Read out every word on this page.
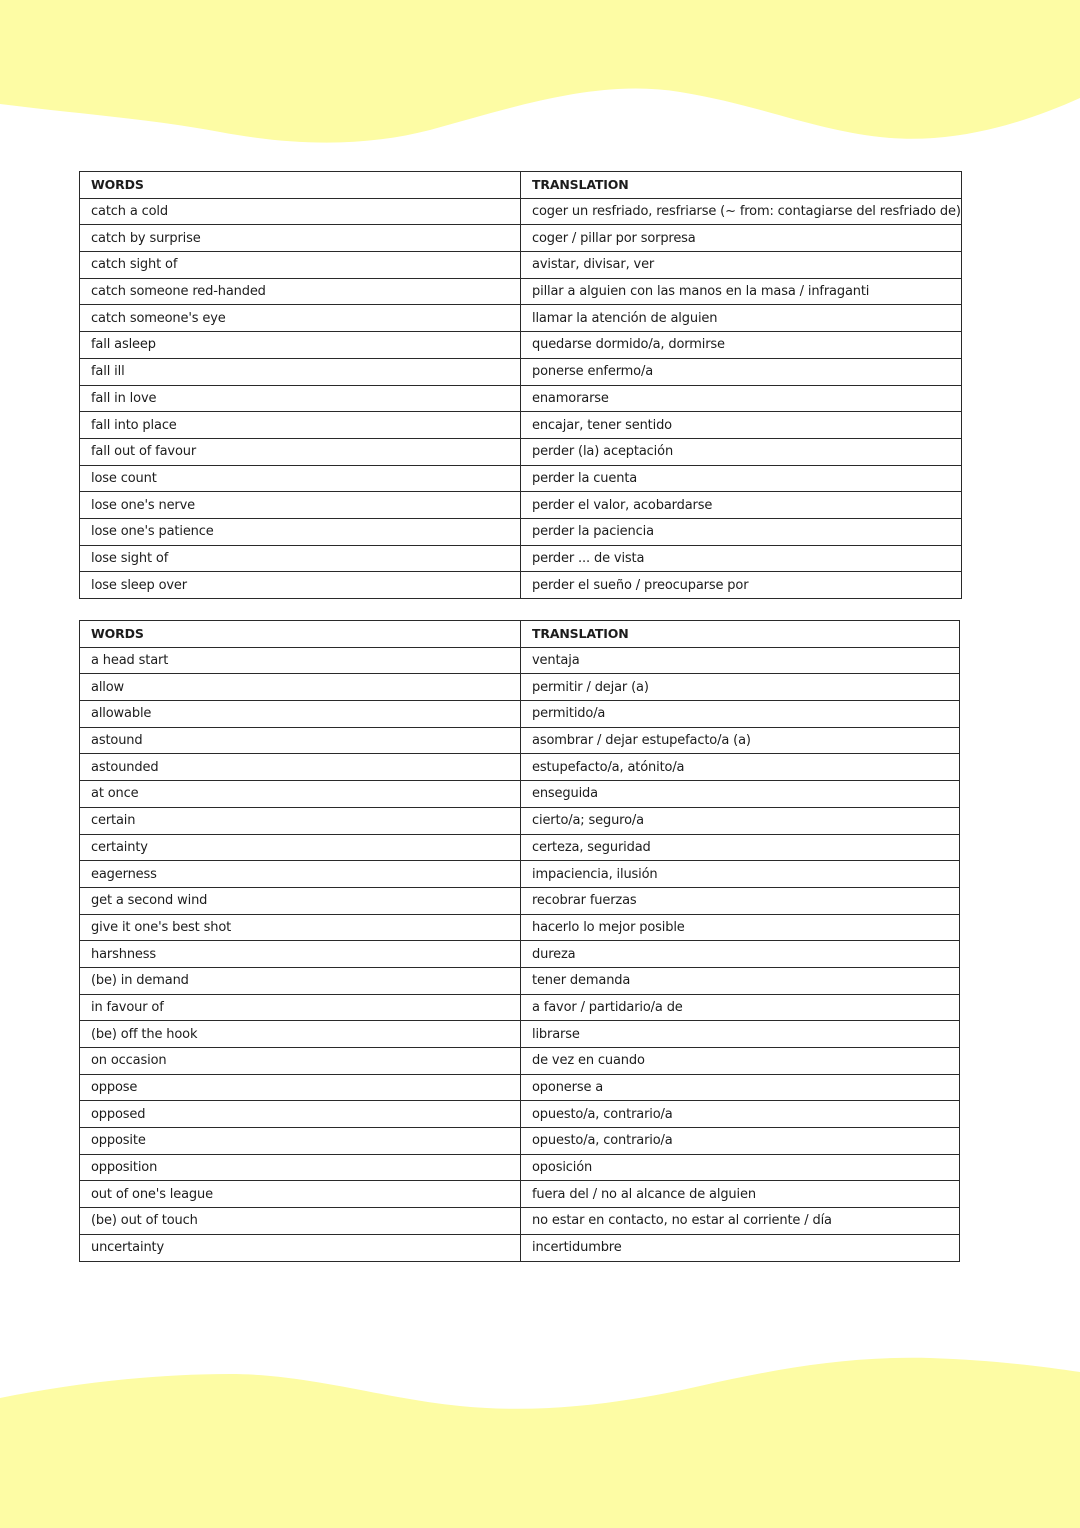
WORDS	TRANSLATION
catch a cold	coger un resfriado, resfriarse (~ from: contagiarse del resfriado de)
catch by surprise	coger / pillar por sorpresa
catch sight of	avistar, divisar, ver
catch someone red-handed	pillar a alguien con las manos en la masa / infraganti
catch someone's eye	llamar la atención de alguien
fall asleep	quedarse dormido/a, dormirse
fall ill	ponerse enfermo/a
fall in love	enamorarse
fall into place	encajar, tener sentido
fall out of favour	perder (la) aceptación
lose count	perder la cuenta
lose one's nerve	perder el valor, acobardarse
lose one's patience	perder la paciencia
lose sight of	perder ... de vista
lose sleep over	perder el sueño / preocuparse por
WORDS	TRANSLATION
a head start	ventaja
allow	permitir / dejar (a)
allowable	permitido/a
astound	asombrar / dejar estupefacto/a (a)
astounded	estupefacto/a, atónito/a
at once	enseguida
certain	cierto/a; seguro/a
certainty	certeza, seguridad
eagerness	impaciencia, ilusión
get a second wind	recobrar fuerzas
give it one's best shot	hacerlo lo mejor posible
harshness	dureza
(be) in demand	tener demanda
in favour of	a favor / partidario/a de
(be) off the hook	librarse
on occasion	de vez en cuando
oppose	oponerse a
opposed	opuesto/a, contrario/a
opposite	opuesto/a, contrario/a
opposition	oposición
out of one's league	fuera del / no al alcance de alguien
(be) out of touch	no estar en contacto, no estar al corriente / día
uncertainty	incertidumbre
